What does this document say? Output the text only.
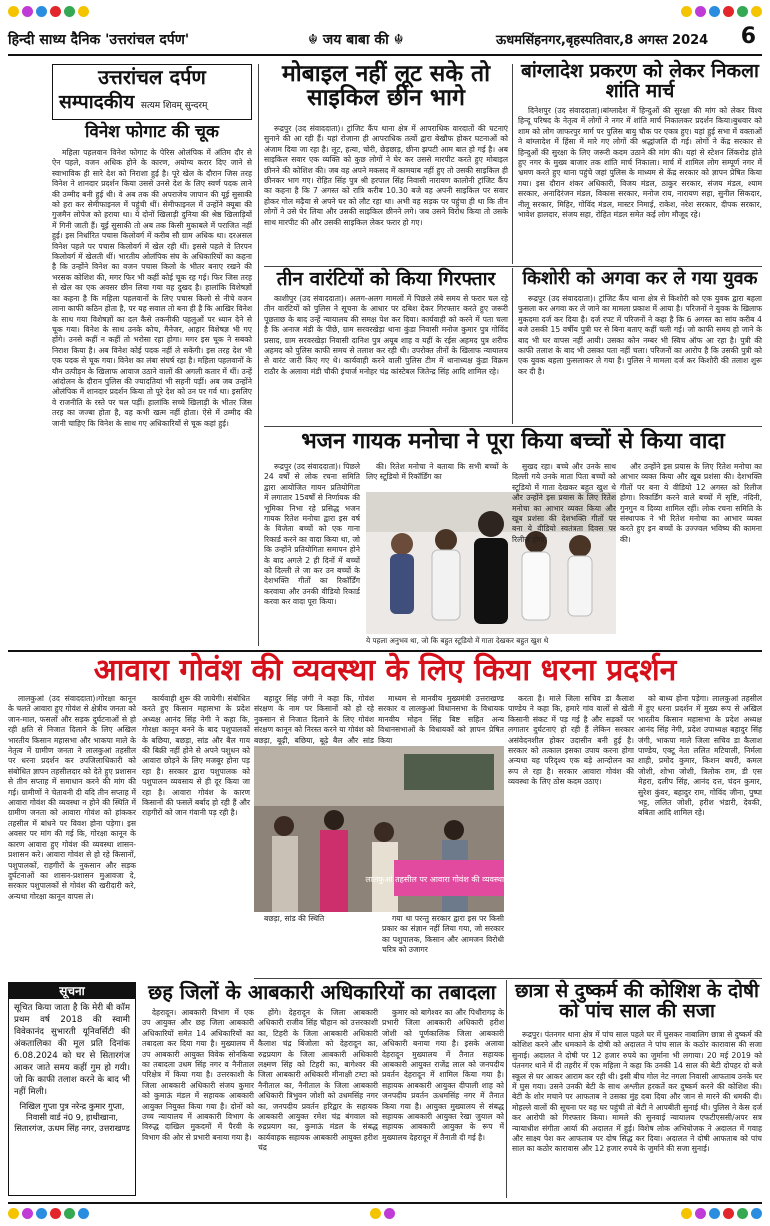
हिन्दी साध्य दैनिक 'उत्तरांचल दर्पण'	☬ जय बाबा की ☬	ऊधमसिंहनगर,बृहस्पतिवार,8 अगस्त 2024 6
उत्तरांचल दर्पण
सम्पादकीय सत्यम शिवम् सुन्दरम्
विनेश फोगाट की चूक

महिला पहलवान विनेश फोगाट के पेरिस ओलंपिक में अंतिम दौर से ऐन पहले, वजन अधिक होने के कारण, अयोग्य करार दिए जाने से स्वाभाविक ही सारे देश को निराशा हुई है। पूरे खेल के दौरान जिस तरह विनेश ने शानदार प्रदर्शन किया उससे उनसे देश के लिए स्वर्ण पदक लाने की उम्मीद बनी हुई थी। वे अब तक की अपराजेय जापान की यूई सुसाकी को हरा कर सेमीफाइनल में पहुंची थीं। सेमीफाइनल में उन्होंने क्यूबा की गुजमैन लोपेज को हराया था। ये दोनों खिलाड़ी दुनिया की श्रेष्ठ खिलाड़ियों में गिनी जाती हैं। यूई सुसाकी तो अब तक किसी मुकाबले में पराजित नहीं हुई। इस निर्धारित पचास किलोवर्ग में करीब सौ ग्राम अधिक था। दरअसल विनेश पहले पर पचास किलोवर्ग में खेल रही थीं। इससे पहले वे तिरपन किलोवर्ग में खेलती थीं। भारतीय ओलंपिक संघ के अधिकारियों का कहना है कि उन्होंने विनेश का वजन पचास किलो के भीतर बनाए रखने की भरसक कोशिश की, मगर फिर भी कहीं कोई चूक रह गई। फिर जिस तरह से खेल का एक अवसर छीन लिया गया वह दुखद है। हालांकि विशेषज्ञों का कहना है कि महिला पहलवानों के लिए पचास किलो से नीचे वजन लाना काफी कठिन होता है, पर यह सवाल तो बना ही है कि आखिर विनेश के साथ गया विशेषज्ञों का दल कैसे तकनीकी पहलुओं पर ध्यान देने से चूक गया। विनेश के साथ उनके कोच, मैनेजर, आहार विशेषज्ञ भी गए होंगे। उनसे कहीं न कहीं तो भरोसा रहा होगा। मगर इस चूक ने सबको निराश किया है। अब विनेश कोई पदक नहीं ले सकेंगी। इस तरह देश भी एक पदक से चूक गया। विनेश का लंबा संघर्ष रहा है। महिला पहलवानों के यौन उत्पीड़न के खिलाफ आवाज उठाने वालों की अगली कतार में थीं। उन्हें आंदोलन के दौरान पुलिस की ज्यादतियां भी सहनी पड़ीं। अब जब उन्होंने ओलंपिक में शानदार प्रदर्शन किया तो पूरे देश को उन पर गर्व था। इसलिए वे राजनीति के रस्ते पर चल पड़ीं। हालांकि सच्चे खिलाड़ी के भीतर जिस तरह का जज्बा होता है, वह कभी खत्म नहीं होता। ऐसे में उम्मीद की जानी चाहिए कि विनेश के साथ गए अधिकारियों से चूक कहां हुई।

मोबाइल नहीं लूट सके तो साइकिल छीन भागे

रूद्रपुर (उद संवाददाता)। ट्रांजिट कैंप थाना क्षेत्र में आपराधिक वारदातों की घटनाएं सुनाने की आ रही हैं। यहां रोजाना ही आपराधिक तत्वों द्वारा बेखौफ होकर घटनाओं को अंजाम दिया जा रहा है। लूट, हत्या, चोरी, छेड़छाड़, छीना झपटी आम बात हो गई है। अब साइकिल सवार एक व्यक्ति को कुछ लोगों ने घेर कर उससे मारपीट करते हुए मोबाइल छीनने की कोशिश की। जब वह अपने मकसद में कामयाब नहीं हुए तो उसकी साइकिल ही छीनकर भाग गए। रोहित सिंह पुत्र श्री हरपाल सिंह निवासी नारायण कालोनी ट्रांजिट कैंप का कहना है कि 7 अगस्त को रात्रि करीब 10.30 बजे वह अपनी साइकिल पर सवार होकर गोल मढ़ैया से अपने घर को लौट रहा था। अभी वह सड़क पर पहुंचा ही था कि तीन लोगों ने उसे घेर लिया और उसकी साइकिल छीनने लगे। जब उसने विरोध किया तो उसके साथ मारपीट की और उसकी साइकिल लेकर फरार हो गए।

बांग्लादेश प्रकरण को लेकर निकला शांति मार्च

दिनेशपुर (उद संवाददाता)।बांग्लादेश में हिन्दुओं की सुरक्षा की मांग को लेकर विश्व हिन्दू परिषद के नेतृत्व में लोगों ने नगर में शांति मार्च निकालकर प्रदर्शन किया।बुधवार को शाम को लोग जाफरपुर मार्ग पर पुलिस बायु चौक पर एकत्र हुए। यहां हुई सभा में वक्ताओं ने बांग्लादेश में हिंसा में मारे गए लोगों की श्रद्धांजलि दी गई। लोगों ने केंद्र सरकार से हिन्दुओं की सुरक्षा के लिए जरूरी कदम उठाने की मांग की। यहां से स्टेशन लिंकरोड होते हुए नगर के मुख्य बाजार तक शांति मार्च निकाला। मार्च में शामिल लोग सम्पूर्ण नगर में भ्रमण करते हुए थाना पहुंचे जहां पुलिस के माध्यम से केंद्र सरकार को ज्ञापन प्रेषित किया गया। इस दौरान शंकर अधिकारी, विजय मंडल, ठाकुर सरकार, संजय मंडल, श्याम सरकार, अनादिरंजन मंडल, विकास सरकार, मनोज राय, नारायण सहा, सुनील सिकदार, नीलू सरकार, मिहिर, गोविंद मंडल, मास्टर निमाई, राकेश, नरेश सरकार, दीपक सरकार, भावेश हालदार, संजय सहा, रोहित मंडल समेत कई लोग मौजूद रहे।

तीन वारंटियों को किया गिरफ्तार

काशीपुर (उद संवाददाता)। अलग-अलग मामलों में पिछले लंबे समय से फरार चल रहे तीन वारंटियों को पुलिस ने सूचना के आधार पर दबिश देकर गिरफ्तार करते हुए जरूरी पूछताछ के बाद उन्हें न्यायालय की समक्ष पेश कर दिया। कार्यवाही को करने में पता चला है कि अनाज मंडी के पीछे, ग्राम सरवरखेड़ा थाना कुंडा निवासी मनोज कुमार पुत्र गोविंद प्रसाद, ग्राम सरवरखेड़ा निवासी दानिश पुत्र अयूब शाह व यहीं के रईस अहमद पुत्र शरीफ अहमद को पुलिस काफी समय से तलाश कर रही थी। उपरोक्त तीनों के खिलाफ न्यायालय से वारंट जारी किए गए थे। कार्यवाही करने वाली पुलिस टीम में थानाध्यक्ष कुंडा विक्रम राठौर के अलावा मंडी चौकी इंचार्ज मनोहर चंद्र कांस्टेबल जितेन्द्र सिंह आदि शामिल रहे।

किशोरी को अगवा कर ले गया युवक

रूद्रपुर (उद संवाददाता)। ट्रांजिट कैंप थाना क्षेत्र से किशोरी को एक युवक द्वारा बहला फुसला कर अगवा कर ले जाने का मामला प्रकाश में आया है। परिजनों ने युवक के खिलाफ मुकदमा दर्ज कर दिया है। दर्ज रपट में परिजनों ने कहा है कि 6 अगस्त का सांय करीब 4 बजे उसकी 15 वर्षीय पुत्री घर से बिना बताए कहीं चली गई। जो काफी समय हो जाने के बाद भी घर वापस नहीं आयी। उसका कोन नम्बर भी स्विच ऑफ आ रहा है। पुत्री की काफी तलाश के बाद भी उसका पता नहीं चला। परिजनों का आरोप है कि उसकी पुत्री को एक युवक बहला फुसलाकर ले गया है। पुलिस ने मामला दर्ज कर किशोरी की तलाश शुरू कर दी है।

भजन गायक मनोचा ने पूरा किया बच्चों से किया वादा

रूद्रपुर (उद संवाददाता)। पिछले 24 वर्षों से लोक रचना समिति द्वारा आयोजित गायन प्रतियोगिता में लगातार 15वर्षों से निर्णायक की भूमिका निभा रहे प्रसिद्ध भजन गायक रितेश मनोचा द्वारा इस वर्ष के विजेता बच्चों को एक गाना रिकार्ड करने का वादा किया था, जो कि उन्होंने प्रतियोगिता समापन होने के बाद अगले 2 ही दिनों में बच्चों को दिल्ली ले जा कर उन बच्चों के देशभक्ति गीतों का रिकॉर्डिंग करवाया और उनकी वीडियो रिकार्ड करवा कर वादा पूरा किया।

की। रितेश मनोचा ने बताया कि सभी बच्चों के लिए स्टूडियो में रिकॉर्डिंग का

ये पहला अनुभव था, जो कि बहुत स्टूडियो में गाता देखकर बहुत खुश थे

सुखद रहा। बच्चे और उनके साथ दिल्ली गये उनके माता पिता बच्चों को स्टूडियो में गाता देखकर बहुत खुश थे और उन्होंने इस प्रयास के लिए रितेश मनोचा का आभार व्यक्त किया और खूब प्रशंसा की देशभक्ति गीतों पर बना ये वीडियो स्वतंत्रता दिवस पर रिलीज होगा।

और उन्होंने इस प्रयास के लिए रितेश मनोचा का आभार व्यक्त किया और खूब प्रशंसा की। देशभक्ति गीतों पर बना ये वीडियो 12 अगस्त को रिलीज होगा। रिकार्डिंग करने वाले बच्चों में सृष्टि, नंदिनी, गुनगुन व दिव्या शामिल रहीं। लोक रचना समिति के संस्थापक ने भी रितेश मनोचा का आभार व्यक्त करते हुए इन बच्चों के उज्ज्वल भविष्य की कामना की।

आवारा गोवंश की व्यवस्था के लिए किया धरना प्रदर्शन

लालकुआं (उद संवाददाता)।गोरक्षा कानून के चलते आवारा हुए गोवंश से क्षेत्रीय जनता को जान-माल, फसलों और सड़क दुर्घटनाओं से हो रही क्षति से निजात दिलाने के लिए अखिल भारतीय किसान महासभा और भाकपा माले के नेतृत्व में ग्रामीण जनता ने लालकुआं तहसील पर धरना प्रदर्शन कर उपजिलाधिकारी को संबोधित ज्ञापन तहसीलदार को देते हुए प्रशासन से तीन सप्ताह में समाधान करने की मांग की गई। ग्रामीणों ने चेतावनी दी यदि तीन सप्ताह में आवारा गोवंश की व्यवस्था न होने की स्थिति में ग्रामीण जनता को आवारा गोवंश को हांककर तहसील में बांधने पर विवश होना पड़ेगा। इस अवसर पर मांग की गई कि, गोरक्षा कानून के कारण आवारा हुए गोवंश की व्यवस्था शासन-प्रशासन करे। आवारा गोवंश से हो रहे किसानों, पशुपालकों, राहगीरों के नुकसान और सड़क दुर्घटनाओं का शासन-प्रशासन मुआवजा दे, सरकार पशुपालकों से गोवंश की खरीदारी करे, अन्यथा गोरक्षा कानून वापस ले।

कार्यवाही शुरू की जायेगी। संबोधित करते हुए किसान महासभा के प्रदेश अध्यक्ष आनंद सिंह नेगी ने कहा कि, गोरक्षा कानून बनने के बाद पशुपालकों के बछिया, बछड़ा, सांड और बैल गाय की बिक्री नहीं होने से अपने पशुधन को आवारा छोड़ने के लिए मजबूर होना पड़ रहा है। सरकार द्वारा पशुपालक को पशुपालन व्यवसाय से ही दूर किया जा रहा है। आवारा गोवंश के कारण किसानों की फसलें बर्बाद हो रही हैं और राहगीरों को जान गंवानी पड़ रही है।

बहादुर सिंह जंगी ने कहा कि, गोवंश संरक्षण के नाम पर किसानों को हो रहे नुकसान से निजात दिलाने के लिए गोवंश संरक्षण कानून को निरस्त करने या गोवंश को बछड़ा, बूढ़ी, बछिया, बूढ़े बैल और सांड

माध्यम से मानवीय मुख्यमंत्री उत्तराखण्ड सरकार व लालकुआं विधानसभा के विधायक मानवीय मोहन सिंह बिष्ट सहित अन्य विधानसभाओं के विधायकों को ज्ञापन प्रेषित किया

लालकुआं तहसील पर आवारा गोवंश की व्यवस्था हेतु धरना

बछड़ा, सांड की स्थिति	गया था परन्तु सरकार द्वारा इस पर किसी प्रकार का संज्ञान नहीं लिया गया, जो सरकार का पशुपालक, किसान और आमजन विरोधी चरित्र को उजागर

करता है। माले जिला सचिव डा कैलाश पाण्डेय ने कहा कि, हमारे गांव वालों से खेती किसानी संकट में पड़ गई है और सड़कों पर लगातार दुर्घटनाएं हो रही हैं लेकिन सरकार असंवेदनशील होकर उदासीन बनी हुई है। सरकार को तत्काल इसका उपाय करना होगा अन्यथा यह परिदृश्य एक बड़े आन्दोलन का रूप ले रहा है। सरकार आवारा गोवंश की व्यवस्था के लिए ठोस कदम उठाए।

को बाध्य होना पड़ेगा। लालकुआं तहसील में हुए धरना प्रदर्शन में मुख्य रूप से अखिल भारतीय किसान महासभा के प्रदेश अध्यक्ष आनंद सिंह नेगी, प्रदेश उपाध्यक्ष बहादुर सिंह जंगी, भाकपा माले जिला सचिव डा कैलाश पाण्डेय, एक्टू नेता ललित मटियाली, निर्मला शाही, प्रमोद कुमार, किशन बघरी, कमल जोशी, शोभा जोशी, त्रिलोक राम, डी एस मेहरा, दलीप सिंह, आनंद दत्त, चंदन कुमार, सुरेश कुंवर, बहादुर राम, गोविंद जीना, पुष्पा भट्ट, ललित जोशी, हरीश भंडारी, देवकी, बबिता आदि शामिल रहे।

सूचना
सूचित किया जाता है कि मेरी बी कॉम प्रथम वर्ष 2018 की स्वामी विवेकानंद सुभारती यूनिवर्सिटी की अंकतालिका की मूल प्रति दिनांक 6.08.2024 को घर से सितारगंज आकर जाते समय कहीं गुम हो गयी। जो कि काफी तलाश करने के बाद भी नहीं मिली।
निखिल गुप्ता पुत्र नरेन्द्र कुमार गुप्ता, निवासी वार्ड नं0 9, हाथीखाना, सितारगंज, ऊधम सिंह नगर, उत्तराखण्ड
छह जिलों के आबकारी अधिकारियों का तबादला

देहरादून। आबकारी विभाग में एक उप आयुक्त और छह जिला आबकारी अधिकारियों समेत 14 अधिकारियों का तबादला कर दिया गया है। मुख्यालय में उप आबकारी आयुक्त विवेक सोनकिया का तबादला उधम सिंह नगर व नैनीताल परिक्षेत्र में किया गया है। उत्तरकाशी के जिला आबकारी अधिकारी संजय कुमार को कुमाऊं मंडल में सहायक आबकारी आयुक्त नियुक्त किया गया है। दोनों को उच्च न्यायालय में आबकारी विभाग के विरुद्ध दाखिल मुकदमों में पैरवी के विभाग की ओर से प्रभारी बनाया गया है।

होंगे। देहरादून के जिला आबकारी अधिकारी राजीव सिंह चौहान को उत्तरकाशी का, टिहरी के जिला आबकारी अधिकारी कैलाश चंद्र बिंजोला को देहरादून का, रुद्रप्रयाग के जिला आबकारी अधिकारी लक्ष्मण सिंह को टिहरी का, बागेश्वर की जिला आबकारी अधिकारी मीनाक्षी टम्टा को नैनीताल का, नैनीताल के जिला आबकारी अधिकारी त्रिभुवन जोशी को उधमसिंह नगर का, जनपदीय प्रवर्तन हरिद्वार के सहायक आबकारी आयुक्त रमेश चंद्र बंगवाल को रुद्रप्रयाग का, कुमाऊं मंडल के संबद्ध कार्यवाहक सहायक आबकारी आयुक्त हरीश चंद्र

कुमार को बागेश्वर का और पिथौरागढ़ के प्रभारी जिला आबकारी अधिकारी हरीश जोशी को पूर्णकालिक जिला आबकारी अधिकारी बनाया गया है। इसके अलावा देहरादून मुख्यालय में तैनात सहायक आबकारी आयुक्त राजेंद्र लाल को जनपदीय प्रवर्तन देहरादून में शामिल किया गया है। सहायक आबकारी आयुक्त दीपाली शाह को जनपदीय प्रवर्तन ऊधमसिंह नगर में तैनात किया गया है। आयुक्त मुख्यालय से संबद्ध सहायक आबकारी आयुक्त रेखा जुयाल को सहायक आबकारी आयुक्त के रूप में मुख्यालय देहरादून में तैनाती दी गई है।

छात्रा से दुष्कर्म की कोशिश के दोषी को पांच साल की सजा

रूद्रपुर। पंतनगर थाना क्षेत्र में पांच साल पहले घर में घुसकर नाबालिग छात्रा से दुष्कर्म की कोशिश करने और धमकाने के दोषी को अदालत ने पांच साल के कठोर कारावास की सजा सुनाई। अदालत ने दोषी पर 12 हजार रुपये का जुर्माना भी लगाया। 20 मई 2019 को पंतनगर थाने में दी तहरीर में एक महिला ने कहा कि उनकी 14 साल की बेटी दोपहर दो बजे स्कूल से घर आकर आराम कर रही थी। इसी बीच गोल नेट नगला निवासी आफताब उनके घर में घुस गया। उसने उनकी बेटी के साथ अश्लील हरकतें कर दुष्कर्म करने की कोशिश की। बेटी के शोर मचाने पर आफताब ने उसका मुंह दबा दिया और जान से मारने की धमकी दी। मोहल्ले वालों की सूचना पर वह घर पहुंची तो बेटी ने आपबीती सुनाई थी। पुलिस ने केस दर्ज कर आरोपी को गिरफ्तार किया। मामले की सुनवाई न्यायालय एफटीएससी/अपर सत्र न्यायाधीश संगीता आर्या की अदालत में हुई। विशेष लोक अभियोजक ने अदालत में गवाह और साक्ष्य पेश कर आफताब पर दोष सिद्ध कर दिया। अदालत ने दोषी आफताब को पांच साल का कठोर कारावास और 12 हजार रुपये के जुर्माने की सजा सुनाई।
